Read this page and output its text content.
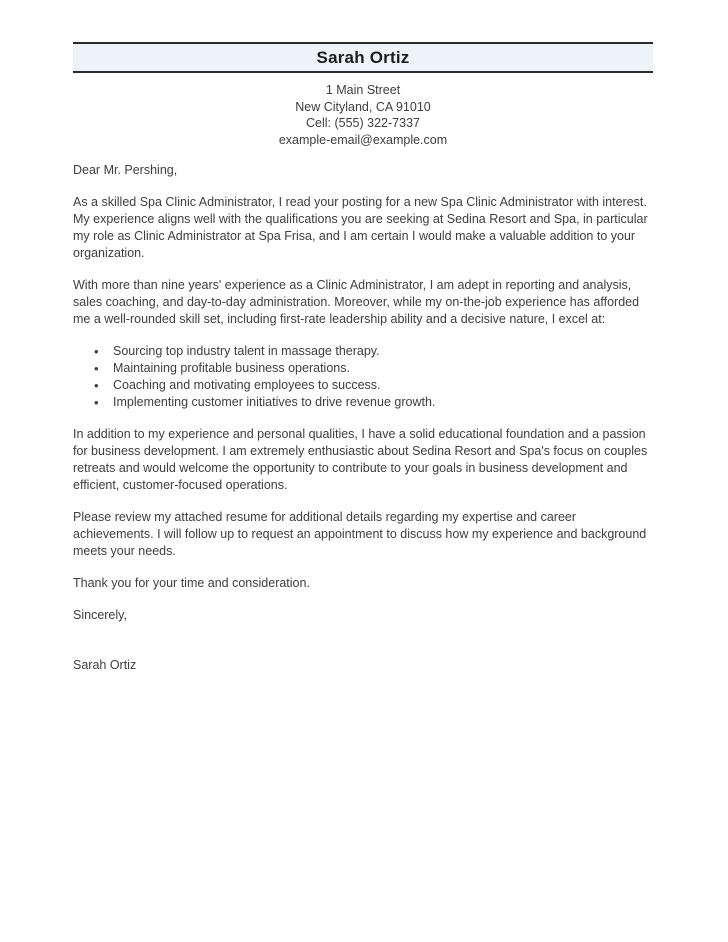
Sarah Ortiz
1 Main Street
New Cityland, CA 91010
Cell: (555) 322-7337
example-email@example.com

Dear Mr. Pershing,

As a skilled Spa Clinic Administrator, I read your posting for a new Spa Clinic Administrator with interest. My experience aligns well with the qualifications you are seeking at Sedina Resort and Spa, in particular my role as Clinic Administrator at Spa Frisa, and I am certain I would make a valuable addition to your organization.

With more than nine years' experience as a Clinic Administrator, I am adept in reporting and analysis, sales coaching, and day-to-day administration. Moreover, while my on-the-job experience has afforded me a well-rounded skill set, including first-rate leadership ability and a decisive nature, I excel at:

• Sourcing top industry talent in massage therapy.
• Maintaining profitable business operations.
• Coaching and motivating employees to success.
• Implementing customer initiatives to drive revenue growth.

In addition to my experience and personal qualities, I have a solid educational foundation and a passion for business development. I am extremely enthusiastic about Sedina Resort and Spa's focus on couples retreats and would welcome the opportunity to contribute to your goals in business development and efficient, customer-focused operations.

Please review my attached resume for additional details regarding my expertise and career achievements. I will follow up to request an appointment to discuss how my experience and background meets your needs.

Thank you for your time and consideration.

Sincerely,

Sarah Ortiz
